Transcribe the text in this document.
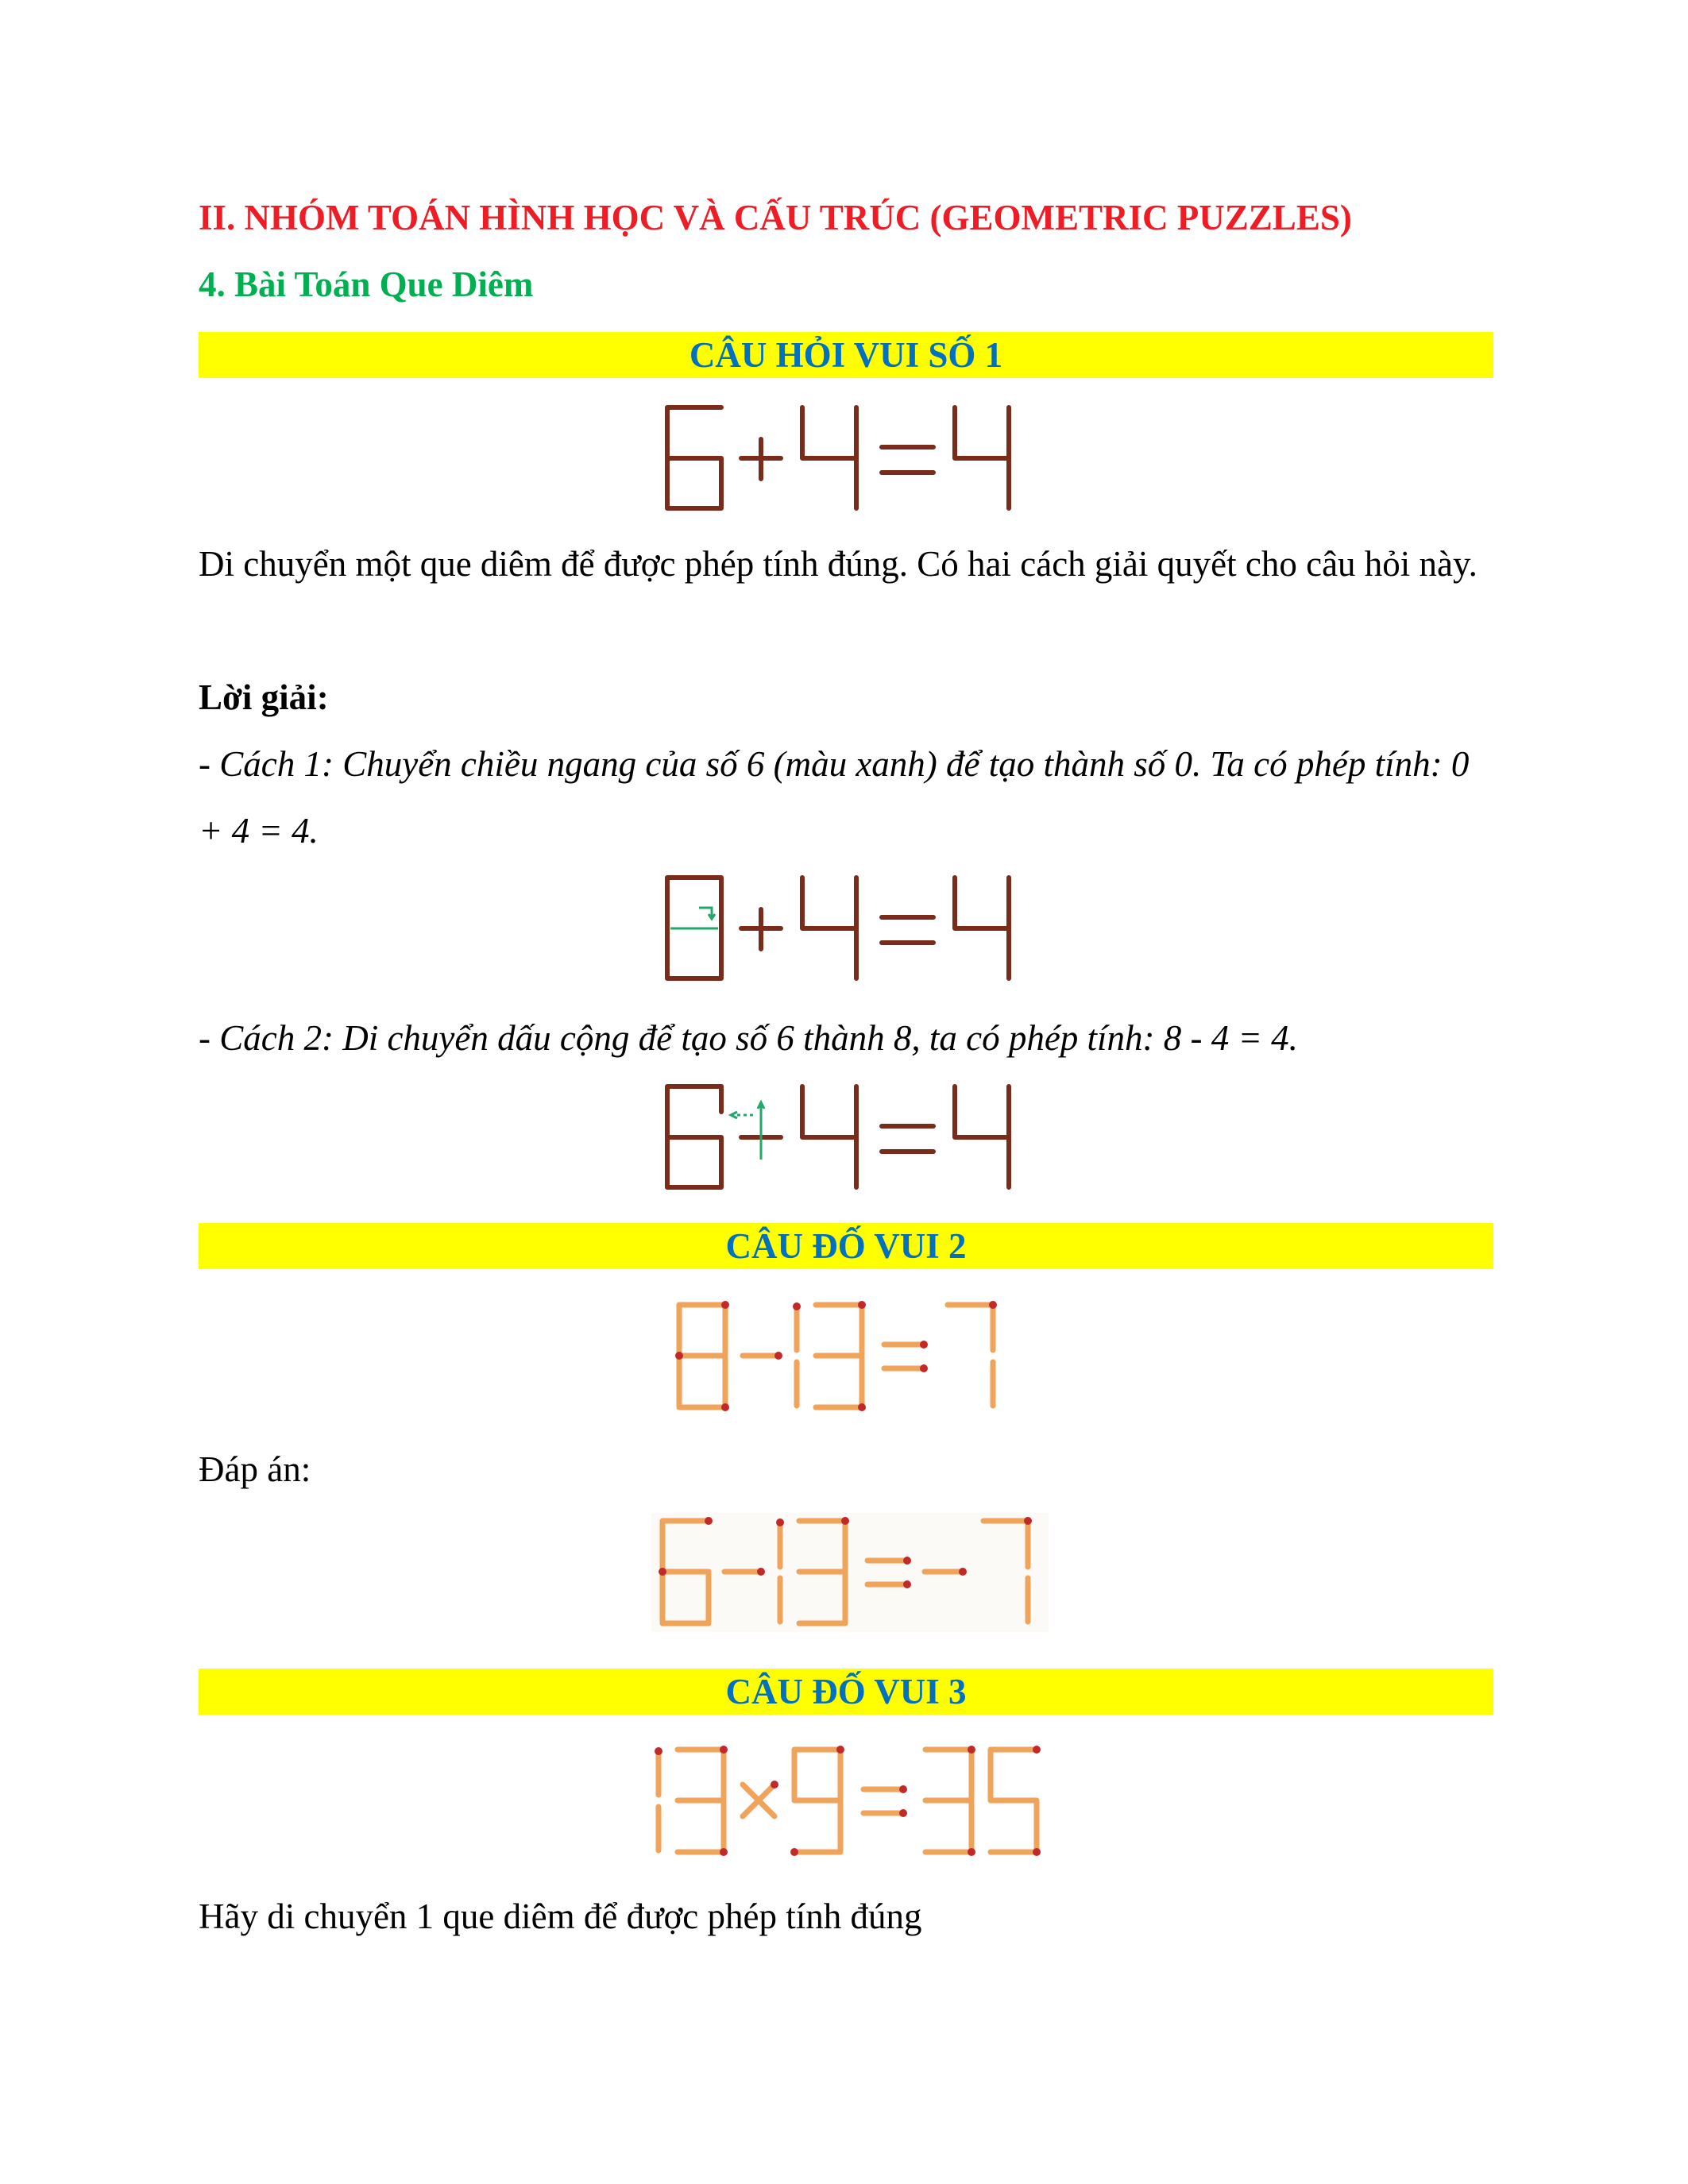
II. NHÓM TOÁN HÌNH HỌC VÀ CẤU TRÚC (GEOMETRIC PUZZLES)
4. Bài Toán Que Diêm
CÂU HỎI VUI SỐ 1
Di chuyển một que diêm để được phép tính đúng. Có hai cách giải quyết cho câu hỏi này.
Lời giải:
- Cách 1: Chuyển chiều ngang của số 6 (màu xanh) để tạo thành số 0. Ta có phép tính: 0 + 4 = 4.
- Cách 2: Di chuyển dấu cộng để tạo số 6 thành 8, ta có phép tính: 8 - 4 = 4.
CÂU ĐỐ VUI 2
Đáp án:
CÂU ĐỐ VUI 3
Hãy di chuyển 1 que diêm để được phép tính đúng
